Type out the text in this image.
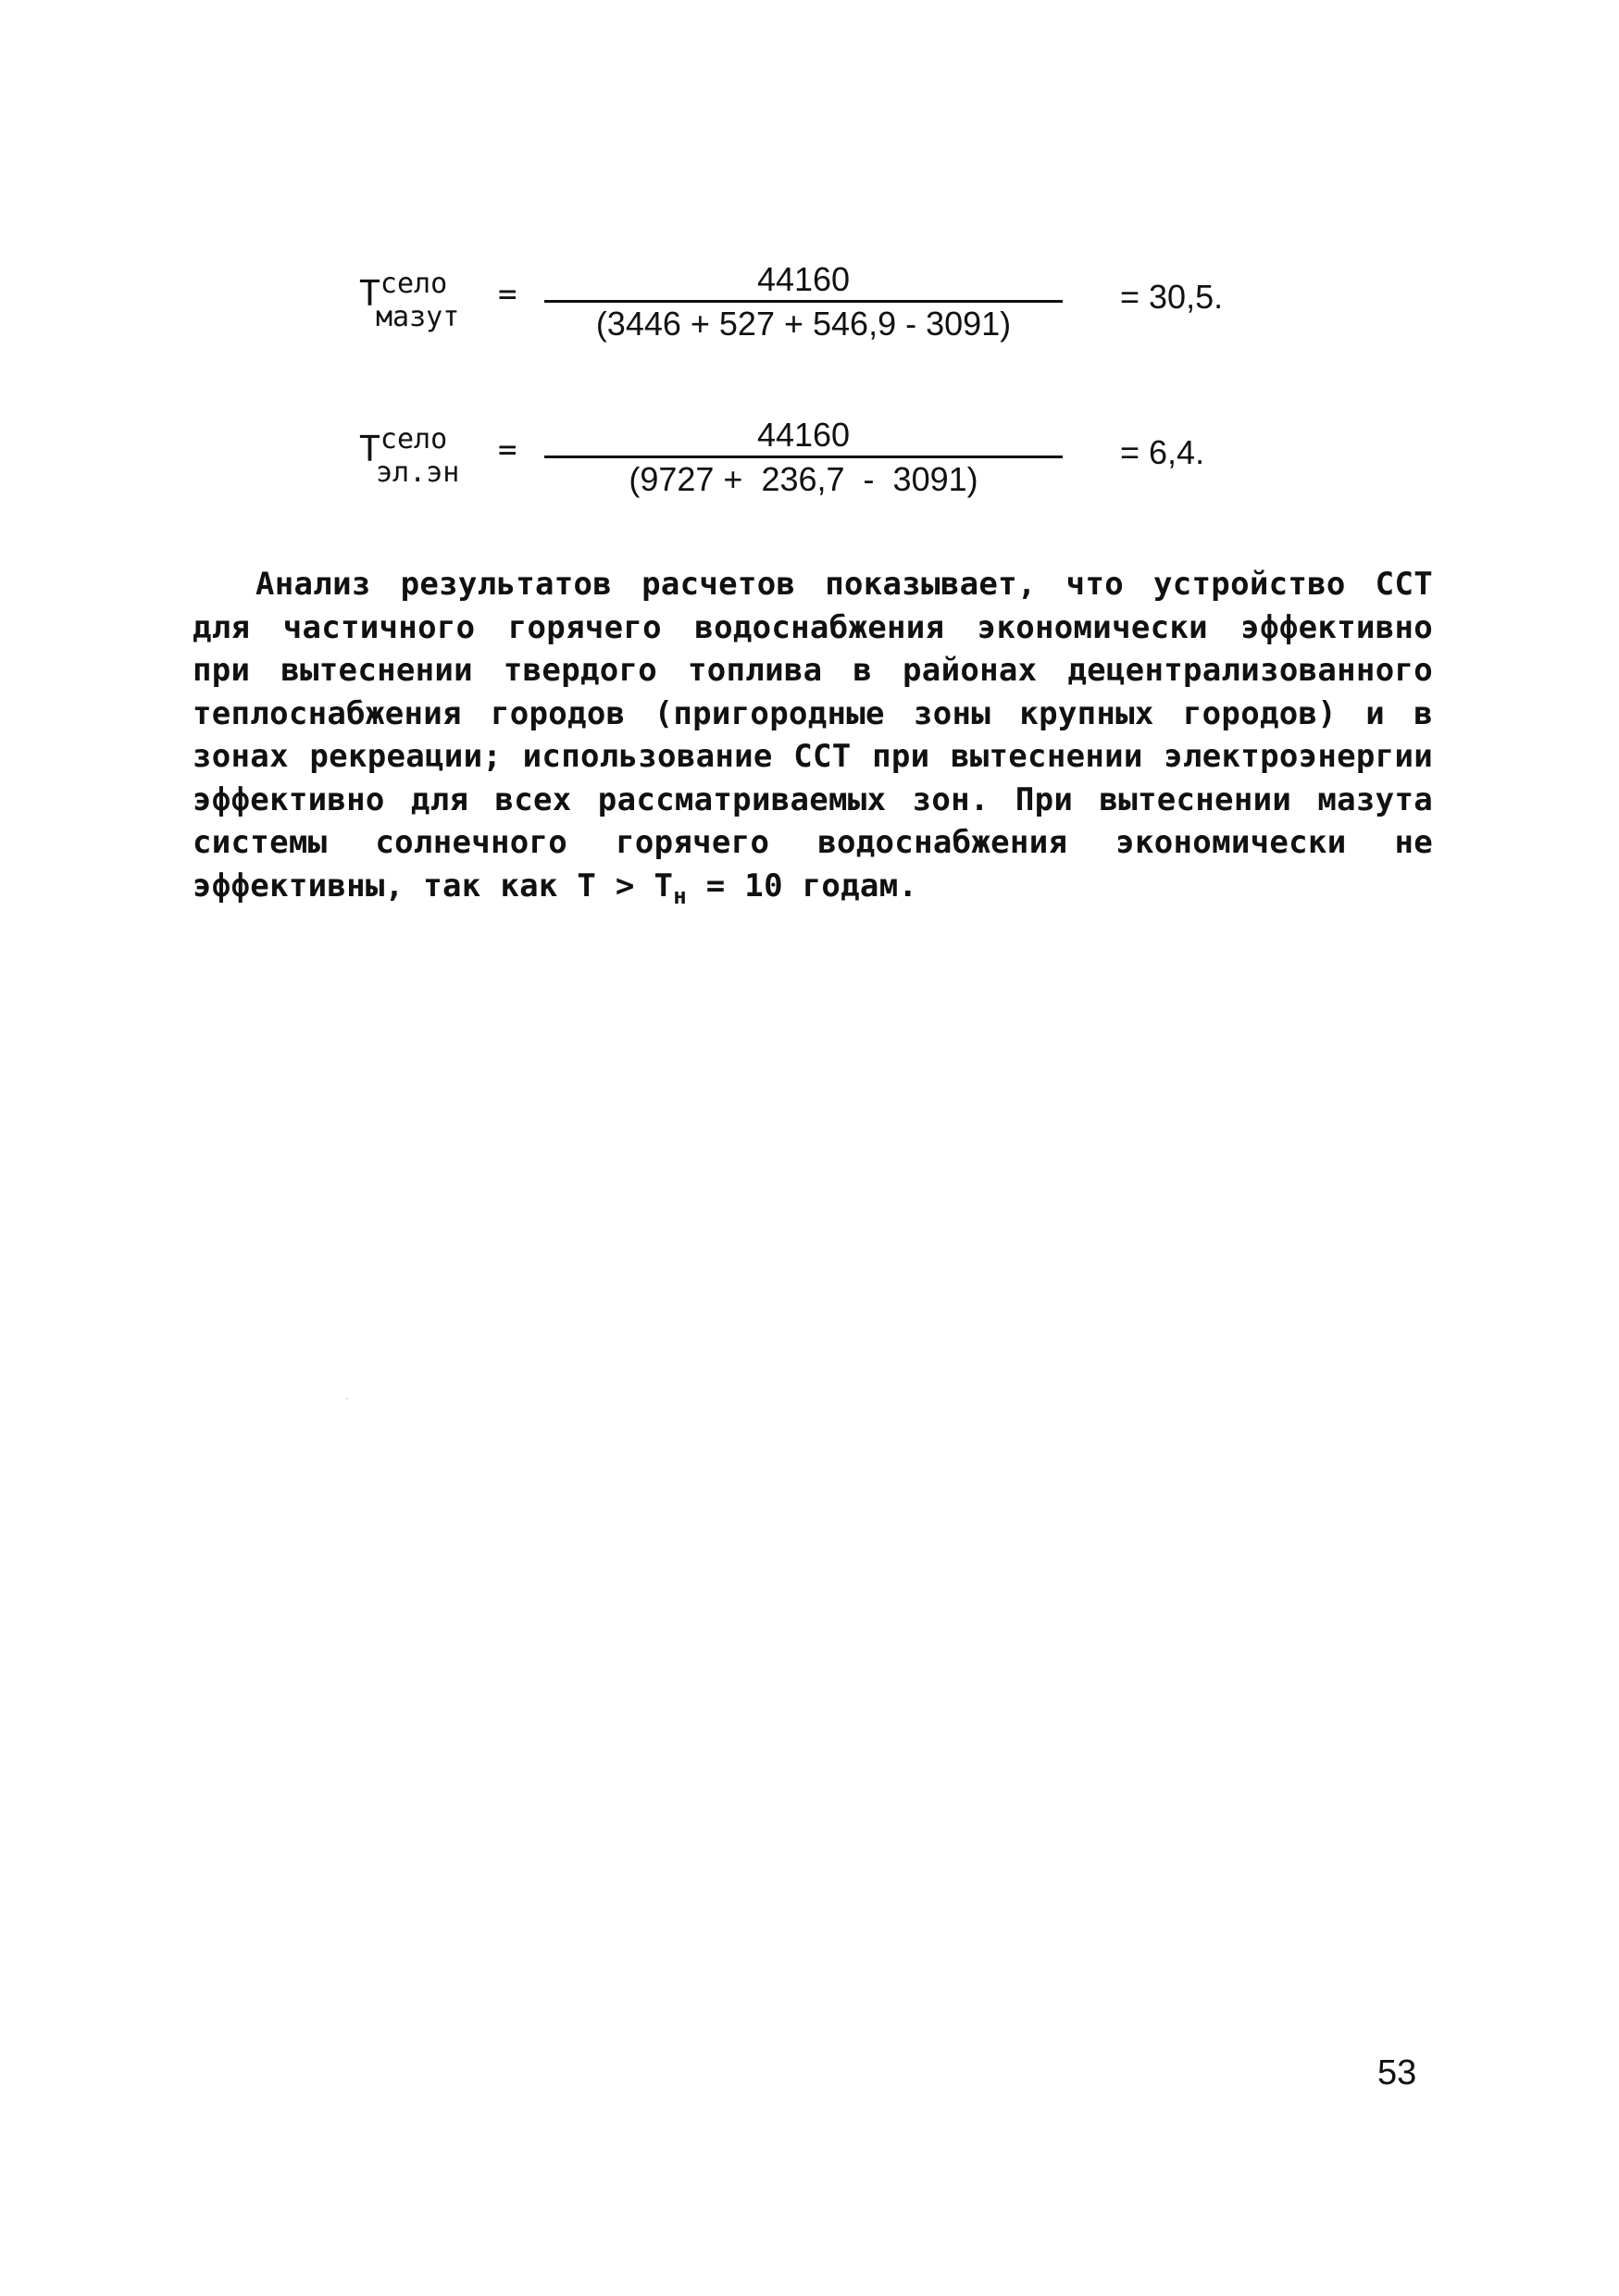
Tсело
мазут
=	44160
(3446 + 527 + 546,9 - 3091)
= 30,5.
Tсело
эл.эн
=	44160
(9727 +  236,7  -  3091)
= 6,4.
Анализ результатов расчетов показывает, что устройство ССТ для частичного горячего водоснабжения экономически эффективно при вытеснении твердого топлива в районах децентрализованного теплоснабжения городов (пригородные зоны крупных городов) и в зонах рекреации; использование ССТ при вытеснении электроэнергии эффективно для всех рассматриваемых зон. При вытеснении мазута системы солнечного горячего водоснабжения экономически не эффективны, так как $T > T_н = 10$ годам.
53
